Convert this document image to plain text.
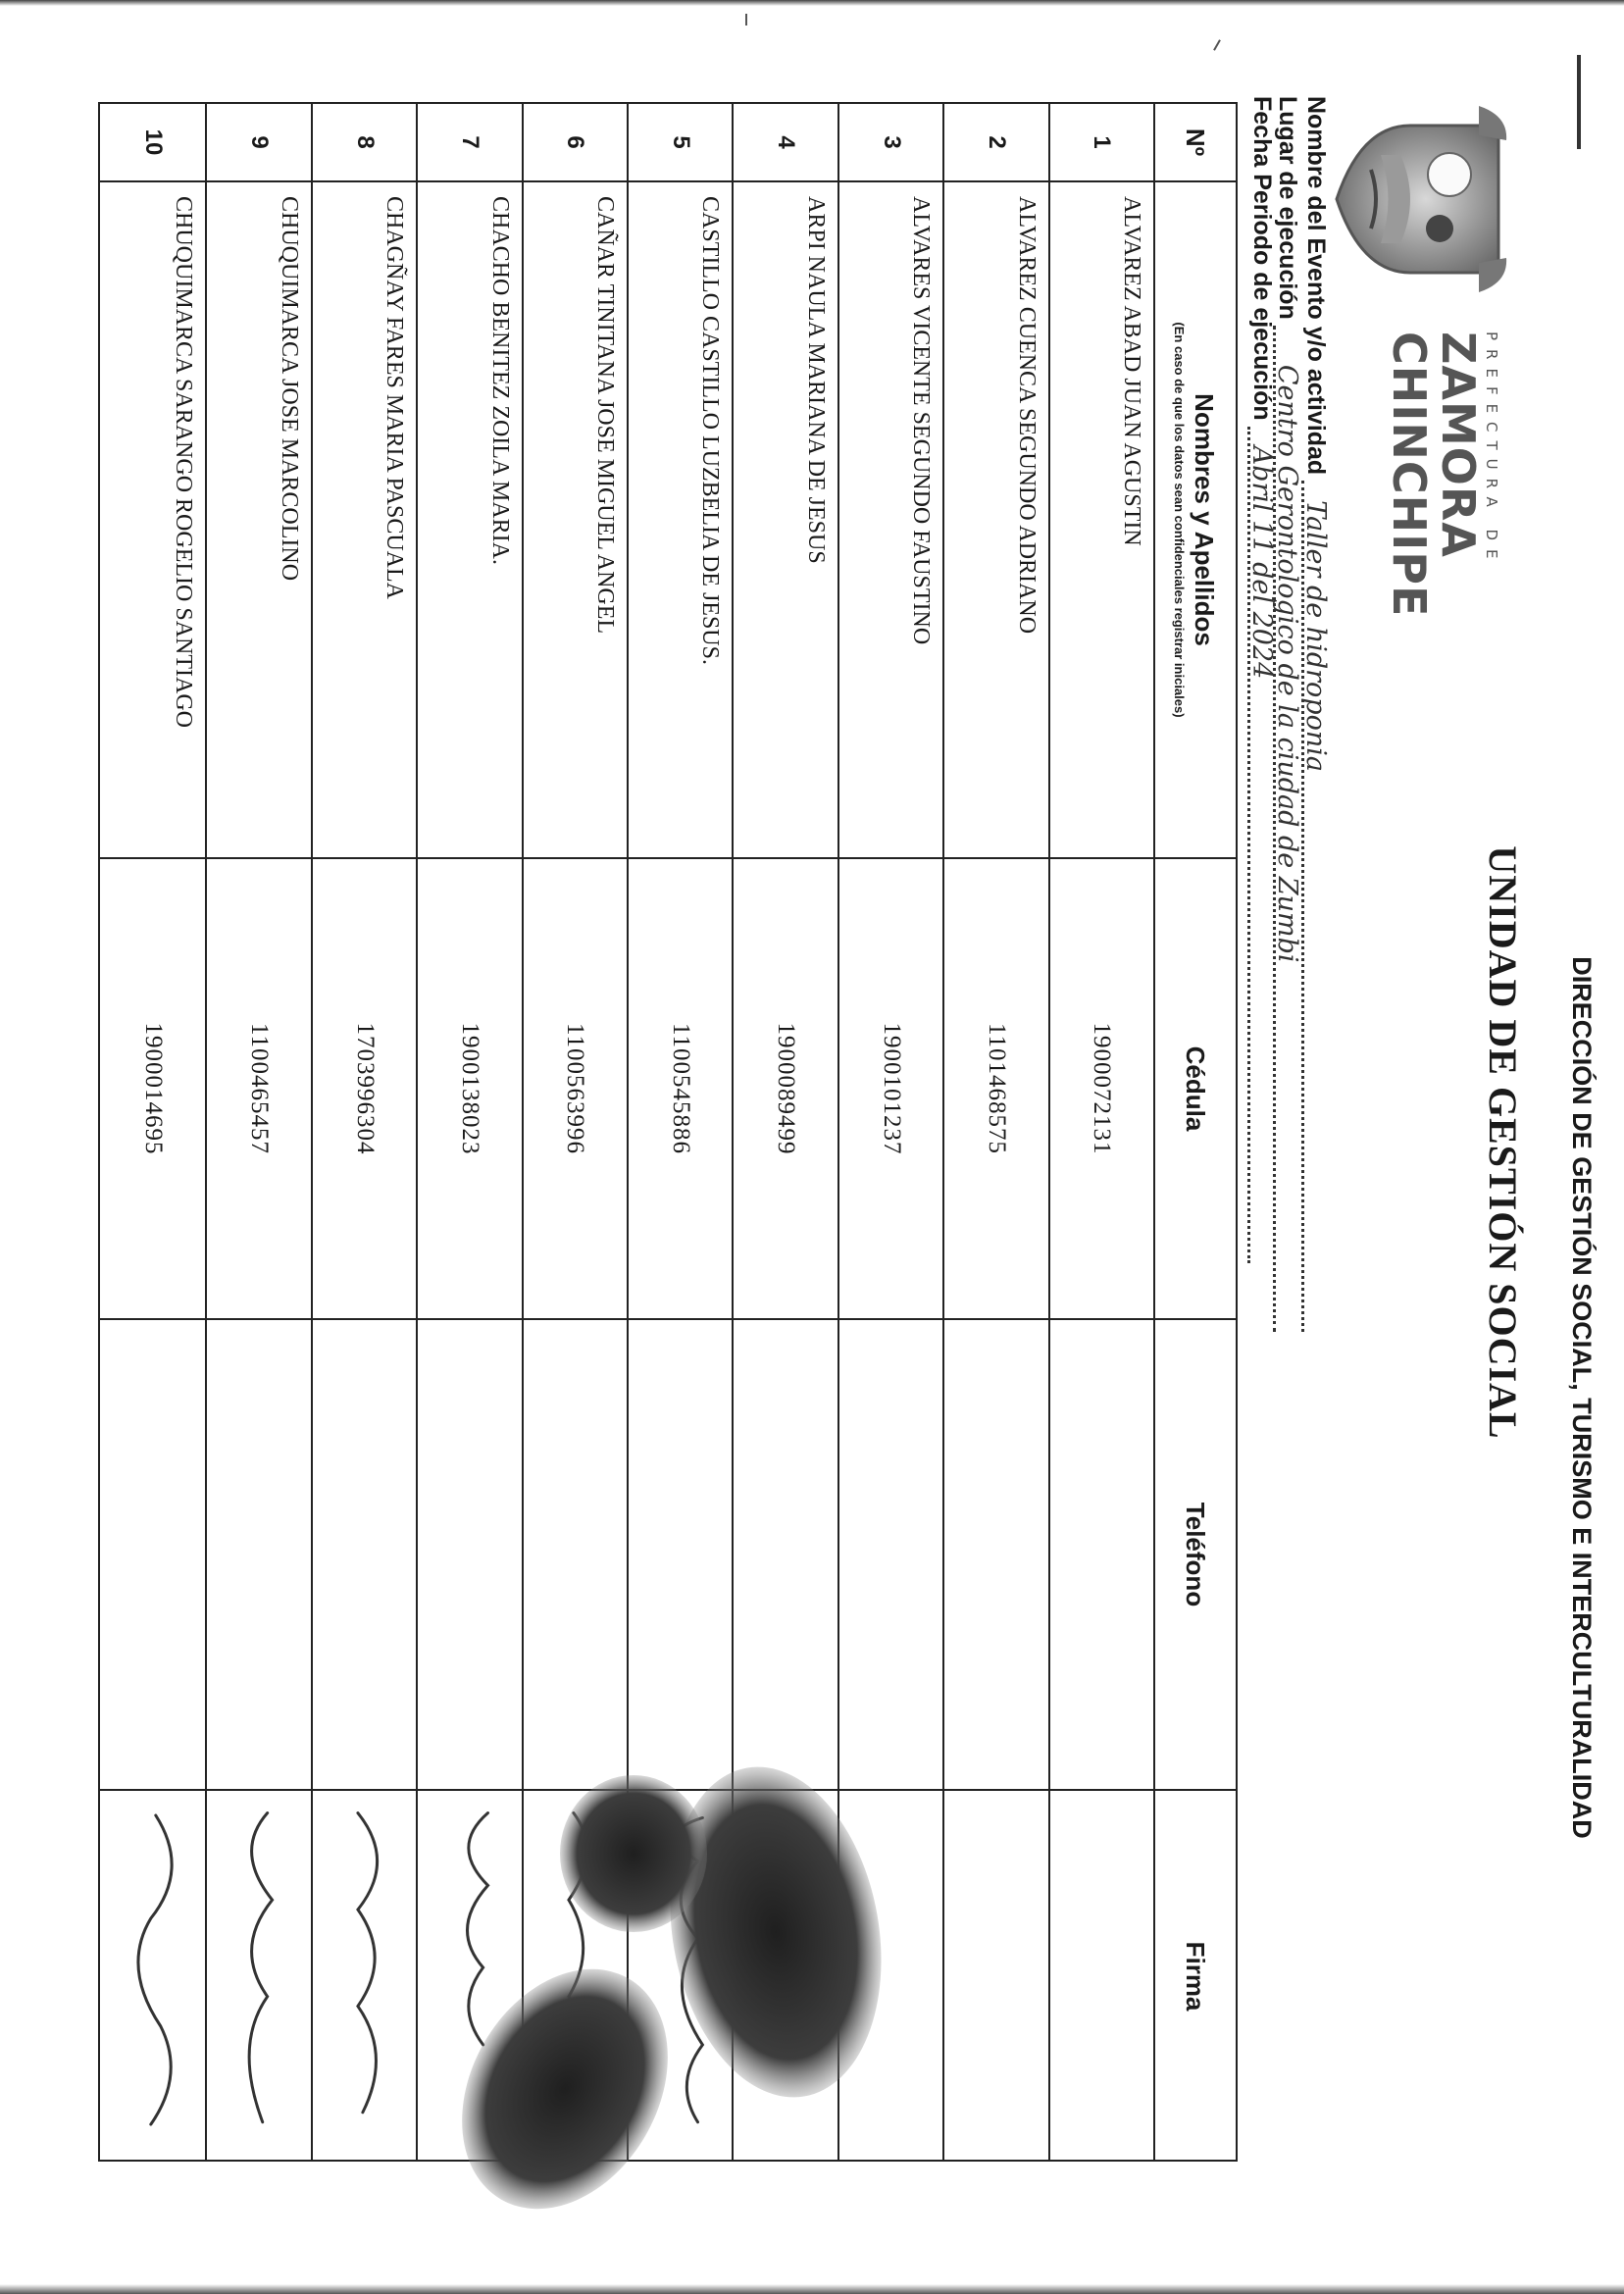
PREFECTURA DE
ZAMORA
CHINCHIPE
DIRECCIÓN DE GESTIÓN SOCIAL, TURISMO E INTERCULTURALIDAD
UNIDAD DE GESTIÓN SOCIAL
Nombre del Evento y/o actividad
Taller de hidroponia
Lugar de ejecución
Centro Gerontologico de la ciudad de Zumbi
Fecha Periodo de ejecución
Abril 11 del 2024
Nº
Nombres y Apellidos
(En caso de que los datos sean confidenciales registrar iniciales)
Cédula
Teléfono
Firma
1
ALVAREZ ABAD JUAN AGUSTIN
1900072131
2
ALVAREZ CUENCA SEGUNDO ADRIANO
1101468575
3
ALVARES VICENTE SEGUNDO FAUSTINO
1900101237
4
ARPI NAULA MARIANA DE JESUS
1900089499
5
CASTILLO CASTILLO LUZBELIA DE JESUS.
1100545886
6
CAÑAR TINITANA JOSE MIGUEL ANGEL
1100563996
7
CHACHO BENITEZ ZOILA MARIA.
1900138023
8
CHAGÑAY FARES MARIA PASCUALA
1703996304
9
CHUQUIMARCA JOSE MARCOLINO
1100465457
10
CHUQUIMARCA SARANGO ROGELIO SANTIAGO
1900014695
